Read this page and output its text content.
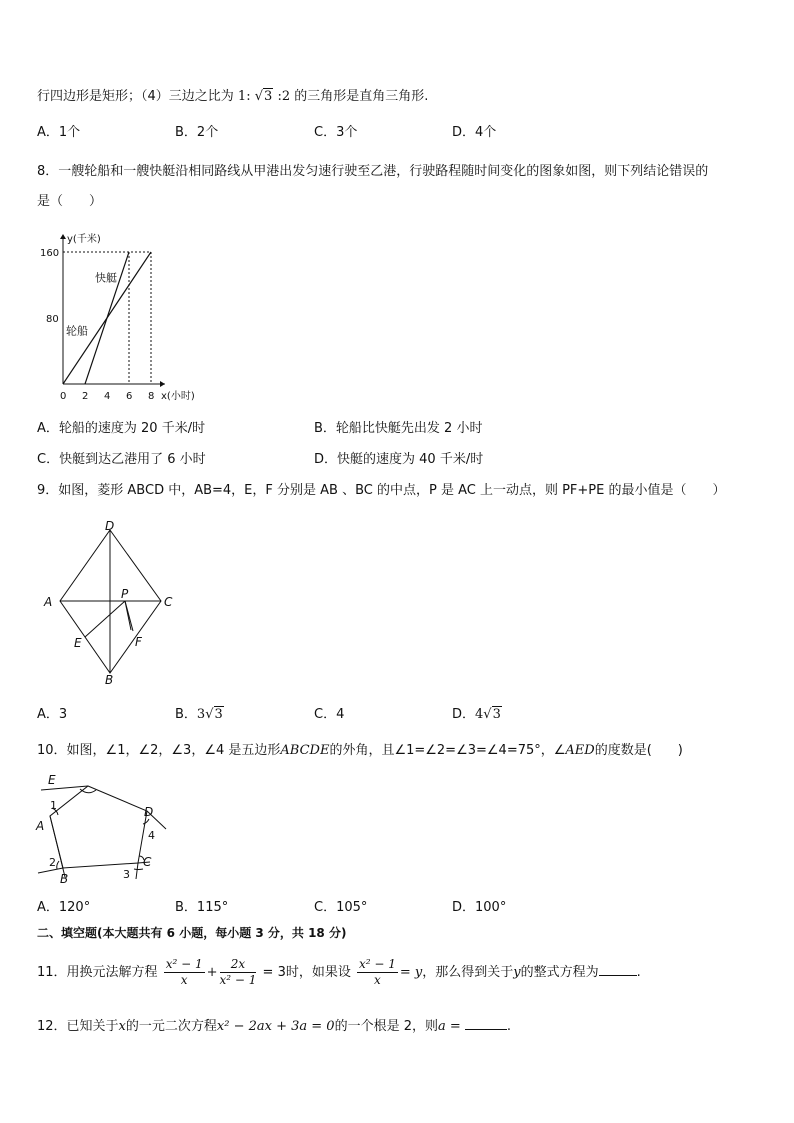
行四边形是矩形；（4）三边之比为 1: √3 :2 的三角形是直角三角形.
A．1个	B．2个	C．3个	D．4个
8．一艘轮船和一艘快艇沿相同路线从甲港出发匀速行驶至乙港，行驶路程随时间变化的图象如图，则下列结论错误的
是（　　）
y(千米)
x(小时)
0 2 4 6 8
80
160
轮船
快艇
A．轮船的速度为 20 千米/时	B．轮船比快艇先出发 2 小时
C．快艇到达乙港用了 6 小时	D．快艇的速度为 40 千米/时
9．如图，菱形 ABCD 中，AB=4，E，F 分别是 AB 、BC 的中点，P 是 AC 上一动点，则 PF+PE 的最小值是（　　）
D
A	C
P
E	F
B
A．3	B．3√3	C．4	D．4√3
10．如图，∠1，∠2，∠3，∠4 是五边形ABCDE的外角，且∠1=∠2=∠3=∠4=75°，∠AED的度数是(　　)
E
D
A
B
C
1
2
3
4
A．120°	B．115°	C．105°	D．100°
二、填空题(本大题共有 6 小题，每小题 3 分，共 18 分)
11．用换元法解方程 $\frac{\text{x² − 1}}{x} + \frac{2x}{\text{x² − 1}} = 3$时，如果设 $\frac{\text{x² − 1}}{x} = y$，那么得到关于y的整式方程为	.
12．已知关于x的一元二次方程x² − 2ax + 3a = 0的一个根是 2，则a =	.
